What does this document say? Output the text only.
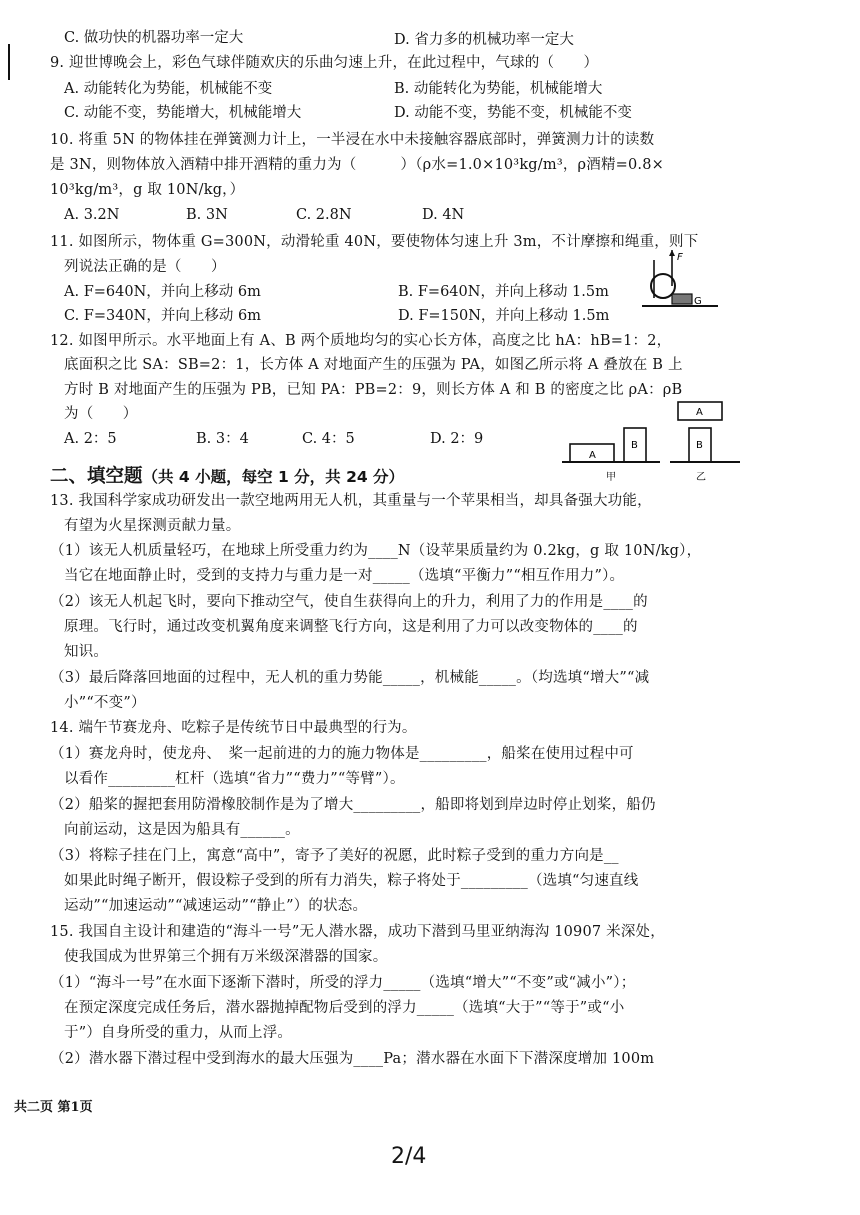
C. 做功快的机器功率一定大	D. 省力多的机械功率一定大
9. 迎世博晚会上，彩色气球伴随欢庆的乐曲匀速上升，在此过程中，气球的（　　）
A. 动能转化为势能，机械能不变	B. 动能转化为势能，机械能增大
C. 动能不变，势能增大，机械能增大	D. 动能不变，势能不变，机械能不变
10. 将重 5N 的物体挂在弹簧测力计上，一半浸在水中未接触容器底部时，弹簧测力计的读数
是 3N，则物体放入酒精中排开酒精的重力为（　　　）（ρ水=1.0×10³kg/m³，ρ酒精=0.8×
10³kg/m³，g 取 10N/kg，）
A. 3.2N	B. 3N	C. 2.8N	D. 4N
11. 如图所示，物体重 G=300N，动滑轮重 40N，要使物体匀速上升 3m，不计摩擦和绳重，则下
列说法正确的是（　　）
A. F=640N，并向上移动 6m	B. F=640N，并向上移动 1.5m
C. F=340N，并向上移动 6m	D. F=150N，并向上移动 1.5m
F
G
12. 如图甲所示。水平地面上有 A、B 两个质地均匀的实心长方体，高度之比 hA：hB=1：2，
底面积之比 SA：SB=2：1，长方体 A 对地面产生的压强为 PA，如图乙所示将 A 叠放在 B 上
方时 B 对地面产生的压强为 PB，已知 PA：PB=2：9，则长方体 A 和 B 的密度之比 ρA：ρB
为（　　）
A. 2：5	B. 3：4	C. 4：5	D. 2：9
A
B
甲
A
B
乙
二、填空题（共 4 小题，每空 1 分，共 24 分）
13. 我国科学家成功研发出一款空地两用无人机，其重量与一个苹果相当，却具备强大功能，
有望为火星探测贡献力量。
（1）该无人机质量轻巧，在地球上所受重力约为____N（设苹果质量约为 0.2kg，g 取 10N/kg），
当它在地面静止时，受到的支持力与重力是一对_____（选填“平衡力”“相互作用力”）。
（2）该无人机起飞时，要向下推动空气，使自生获得向上的升力，利用了力的作用是____的
原理。飞行时，通过改变机翼角度来调整飞行方向，这是利用了力可以改变物体的____的
知识。
（3）最后降落回地面的过程中，无人机的重力势能_____，机械能_____。（均选填“增大”“减
小”“不变”）
14. 端午节赛龙舟、吃粽子是传统节日中最典型的行为。
（1）赛龙舟时，使龙舟、　桨一起前进的力的施力物体是_________，船桨在使用过程中可
以看作_________杠杆（选填“省力”“费力”“等臂”）。
（2）船桨的握把套用防滑橡胶制作是为了增大_________，船即将划到岸边时停止划桨，船仍
向前运动，这是因为船具有______。
（3）将粽子挂在门上，寓意“高中”，寄予了美好的祝愿，此时粽子受到的重力方向是__
如果此时绳子断开，假设粽子受到的所有力消失，粽子将处于_________（选填“匀速直线
运动”“加速运动”“减速运动”“静止”）的状态。
15. 我国自主设计和建造的“海斗一号”无人潜水器，成功下潜到马里亚纳海沟 10907 米深处，
使我国成为世界第三个拥有万米级深潜器的国家。
（1）“海斗一号”在水面下逐渐下潜时，所受的浮力_____（选填“增大”“不变”或“减小”）；
在预定深度完成任务后，潜水器抛掉配物后受到的浮力_____（选填“大于”“等于”或“小
于”）自身所受的重力，从而上浮。
（2）潜水器下潜过程中受到海水的最大压强为____Pa；潜水器在水面下下潜深度增加 100m
共二页 第1页
2/4
